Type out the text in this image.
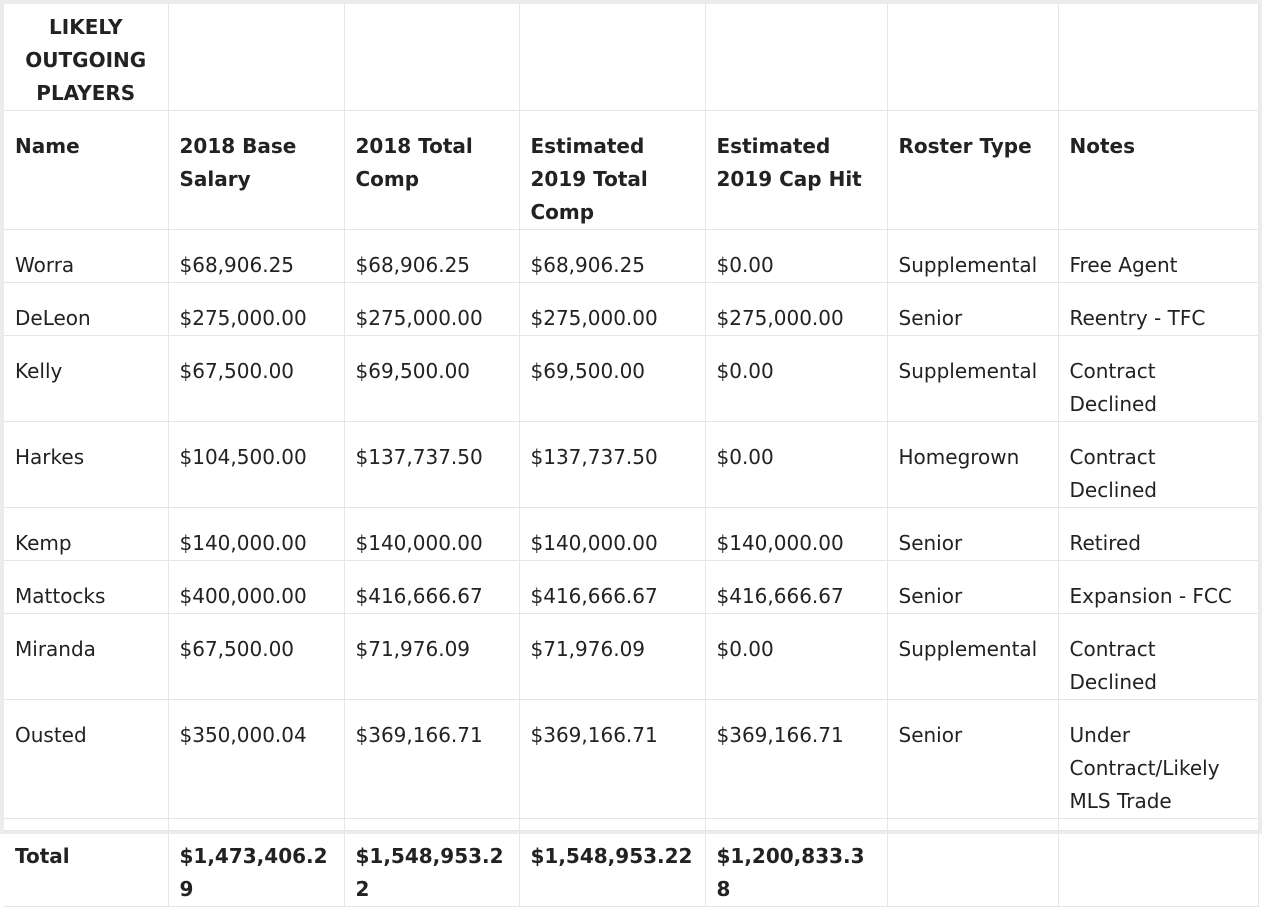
LIKELY OUTGOING PLAYERS						
Name	2018 Base Salary	2018 Total Comp	Estimated 2019 Total Comp	Estimated 2019 Cap Hit	Roster Type	Notes
Worra	$68,906.25	$68,906.25	$68,906.25	$0.00	Supplemental	Free Agent
DeLeon	$275,000.00	$275,000.00	$275,000.00	$275,000.00	Senior	Reentry - TFC
Kelly	$67,500.00	$69,500.00	$69,500.00	$0.00	Supplemental	Contract Declined
Harkes	$104,500.00	$137,737.50	$137,737.50	$0.00	Homegrown	Contract Declined
Kemp	$140,000.00	$140,000.00	$140,000.00	$140,000.00	Senior	Retired
Mattocks	$400,000.00	$416,666.67	$416,666.67	$416,666.67	Senior	Expansion - FCC
Miranda	$67,500.00	$71,976.09	$71,976.09	$0.00	Supplemental	Contract Declined
Ousted	$350,000.04	$369,166.71	$369,166.71	$369,166.71	Senior	Under Contract/Likely MLS Trade

Total	$1,473,406.29	$1,548,953.22	$1,548,953.22	$1,200,833.38		
